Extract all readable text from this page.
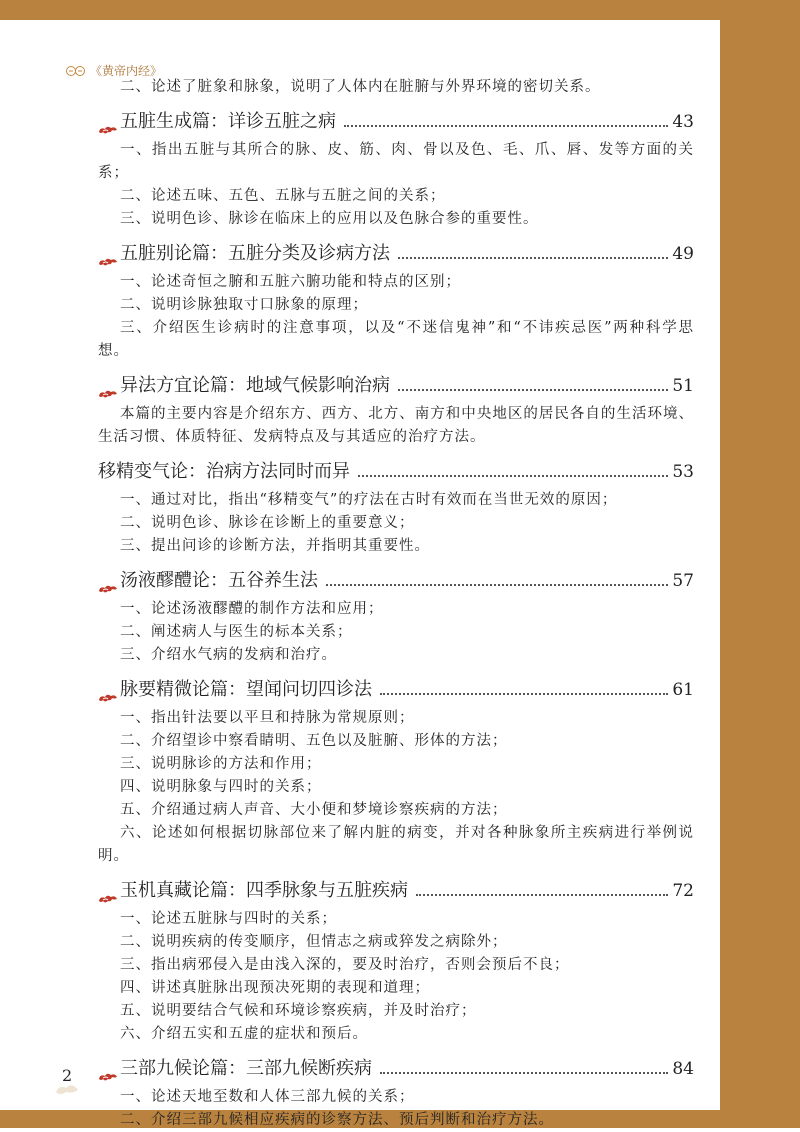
《黄帝内经》

二、论述了脏象和脉象，说明了人体内在脏腑与外界环境的密切关系。

五脏生成篇：详诊五脏之病	43
一、指出五脏与其所合的脉、皮、筋、肉、骨以及色、毛、爪、唇、发等方面的关系；
二、论述五味、五色、五脉与五脏之间的关系；
三、说明色诊、脉诊在临床上的应用以及色脉合参的重要性。
五脏别论篇：五脏分类及诊病方法	49
一、论述奇恒之腑和五脏六腑功能和特点的区别；
二、说明诊脉独取寸口脉象的原理；
三、介绍医生诊病时的注意事项，以及“不迷信鬼神”和“不讳疾忌医”两种科学思想。
异法方宜论篇：地域气候影响治病	51
本篇的主要内容是介绍东方、西方、北方、南方和中央地区的居民各自的生活环境、生活习惯、体质特征、发病特点及与其适应的治疗方法。
移精变气论：治病方法同时而异	53
一、通过对比，指出“移精变气”的疗法在古时有效而在当世无效的原因；
二、说明色诊、脉诊在诊断上的重要意义；
三、提出问诊的诊断方法，并指明其重要性。
汤液醪醴论：五谷养生法	57
一、论述汤液醪醴的制作方法和应用；
二、阐述病人与医生的标本关系；
三、介绍水气病的发病和治疗。
脉要精微论篇：望闻问切四诊法	61
一、指出针法要以平旦和持脉为常规原则；
二、介绍望诊中察看睛明、五色以及脏腑、形体的方法；
三、说明脉诊的方法和作用；
四、说明脉象与四时的关系；
五、介绍通过病人声音、大小便和梦境诊察疾病的方法；
六、论述如何根据切脉部位来了解内脏的病变，并对各种脉象所主疾病进行举例说明。
玉机真藏论篇：四季脉象与五脏疾病	72
一、论述五脏脉与四时的关系；
二、说明疾病的传变顺序，但情志之病或猝发之病除外；
三、指出病邪侵入是由浅入深的，要及时治疗，否则会预后不良；
四、讲述真脏脉出现预决死期的表现和道理；
五、说明要结合气候和环境诊察疾病，并及时治疗；
六、介绍五实和五虚的症状和预后。
三部九候论篇：三部九候断疾病	84
一、论述天地至数和人体三部九候的关系；
二、介绍三部九候相应疾病的诊察方法、预后判断和治疗方法。
2
